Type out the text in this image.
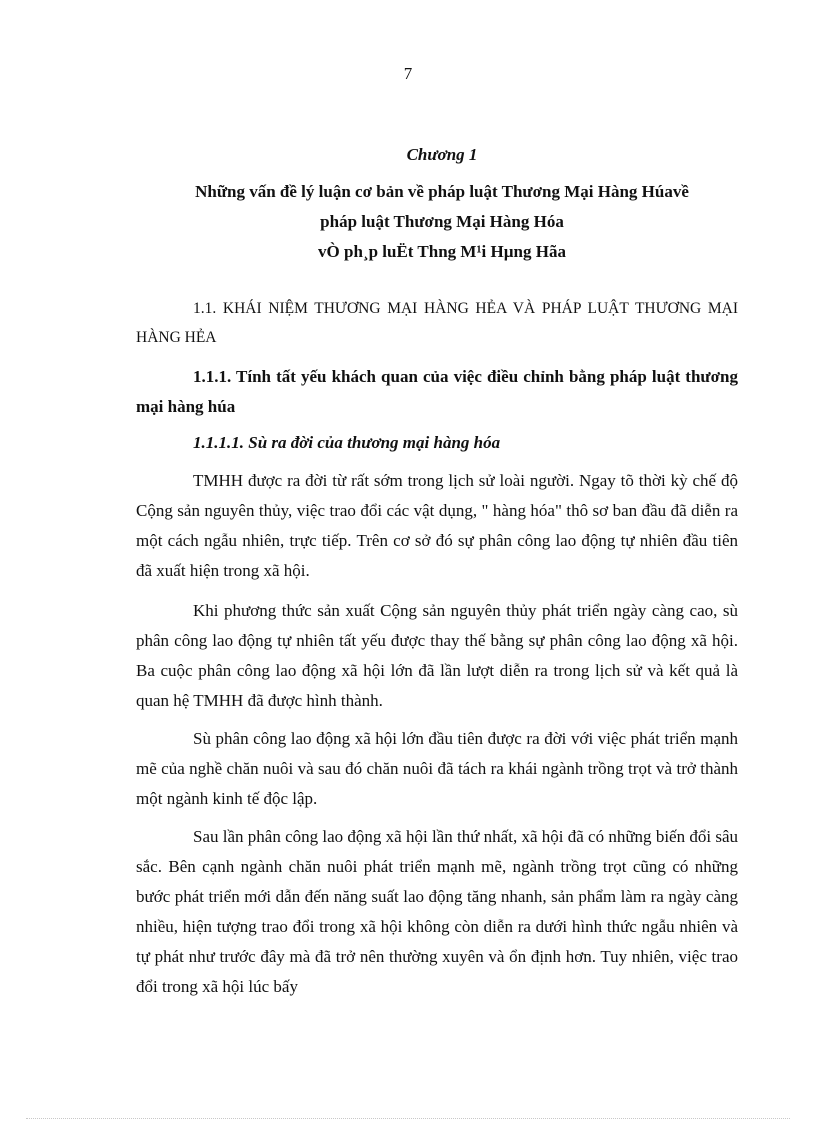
7
Chương 1
Những vấn đề lý luận cơ bản về pháp luật Thương Mại Hàng Húavề
pháp luật Thương Mại Hàng Hóa
vÒ ph¸p luËt Thng M¹i Hµng Hãa
1.1. KHÁI NIỆM THƯƠNG MẠI HÀNG HẺA VÀ PHÁP LUẬT THƯƠNG MẠI HÀNG HẺA
1.1.1. Tính tất yếu khách quan của việc điều chỉnh bằng pháp luật thương mại hàng húa
1.1.1.1. Sù ra đời của thương mại hàng hóa
TMHH được ra đời từ rất sớm trong lịch sử loài người. Ngay tõ thời kỳ chế độ Cộng sản nguyên thủy, việc trao đổi các vật dụng, " hàng hóa" thô sơ ban đầu đã diễn ra một cách ngẫu nhiên, trực tiếp. Trên cơ sở đó sự phân công lao động tự nhiên đầu tiên đã xuất hiện trong xã hội.
Khi phương thức sản xuất Cộng sản nguyên thủy phát triển ngày càng cao, sù phân công lao động tự nhiên tất yếu được thay thế bằng sự phân công lao động xã hội. Ba cuộc phân công lao động xã hội lớn đã lần lượt diễn ra trong lịch sử và kết quả là quan hệ TMHH đã được hình thành.
Sù phân công lao động xã hội lớn đầu tiên được ra đời với việc phát triển mạnh mẽ của nghề chăn nuôi và sau đó chăn nuôi đã tách ra khái ngành trồng trọt và trở thành một ngành kinh tế độc lập.
Sau lần phân công lao động xã hội lần thứ nhất, xã hội đã có những biến đổi sâu sắc. Bên cạnh ngành chăn nuôi phát triển mạnh mẽ, ngành trồng trọt cũng có những bước phát triển mới dẫn đến năng suất lao động tăng nhanh, sản phẩm làm ra ngày càng nhiều, hiện tượng trao đổi trong xã hội không còn diễn ra dưới hình thức ngẫu nhiên và tự phát như trước đây mà đã trở nên thường xuyên và ổn định hơn. Tuy nhiên, việc trao đổi trong xã hội lúc bấy
